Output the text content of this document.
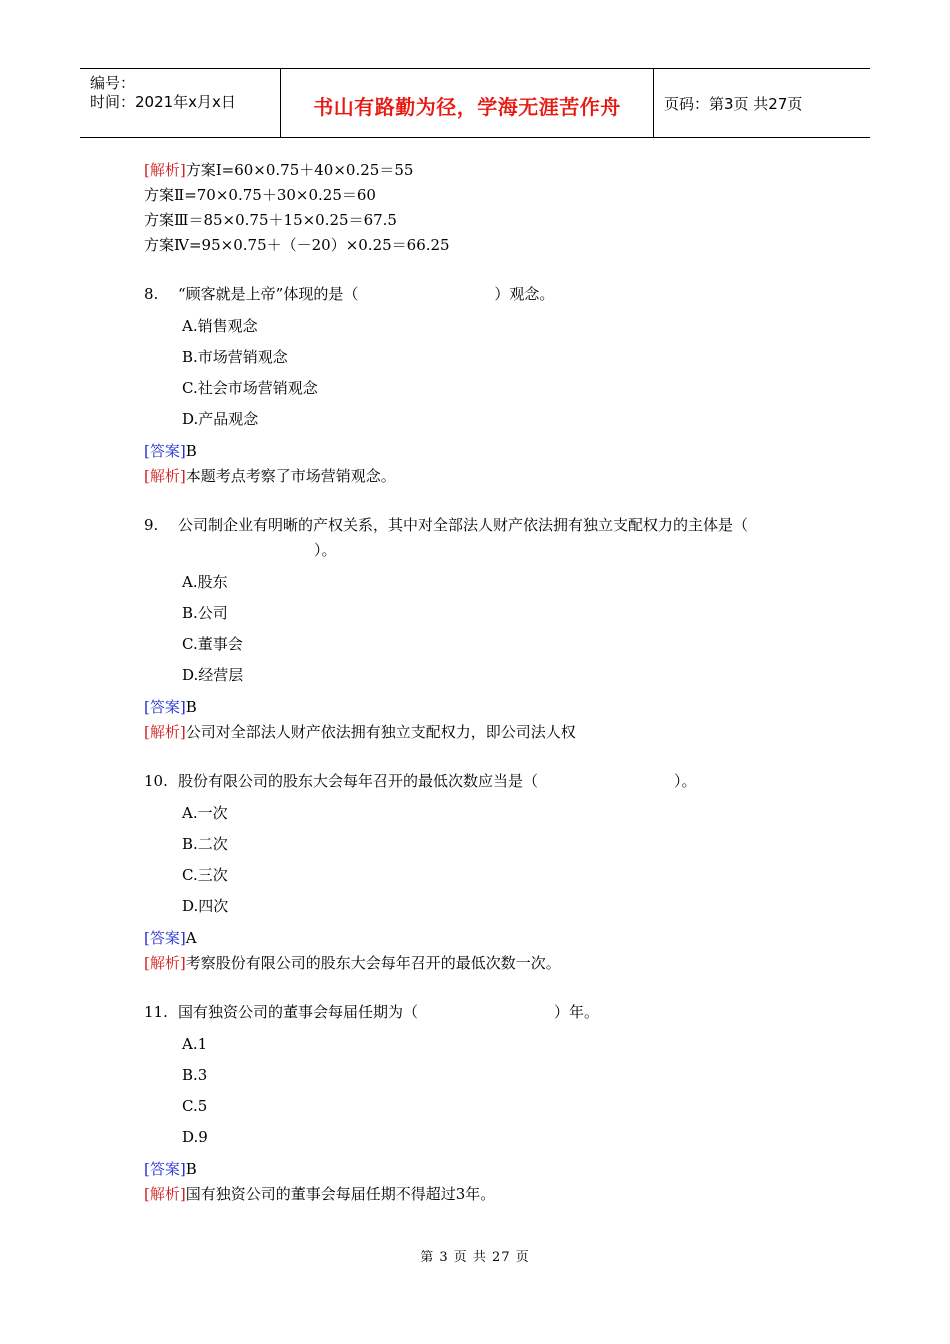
编号：
时间：2021年x月x日	书山有路勤为径，学海无涯苦作舟	页码：第3页 共27页
[解析]方案Ⅰ=60×0.75＋40×0.25＝55
方案Ⅱ=70×0.75＋30×0.25＝60
方案Ⅲ＝85×0.75＋15×0.25＝67.5
方案Ⅳ=95×0.75＋（－20）×0.25＝66.25
8.	“顾客就是上帝”体现的是（	）观念。
A.销售观念
B.市场营销观念
C.社会市场营销观念
D.产品观念
[答案]B
[解析]本题考点考察了市场营销观念。
9.	公司制企业有明晰的产权关系，其中对全部法人财产依法拥有独立支配权力的主体是（）。
A.股东
B.公司
C.董事会
D.经营层
[答案]B
[解析]公司对全部法人财产依法拥有独立支配权力，即公司法人权
10. 股份有限公司的股东大会每年召开的最低次数应当是（	）。
A.一次
B.二次
C.三次
D.四次
[答案]A
[解析]考察股份有限公司的股东大会每年召开的最低次数一次。
11. 国有独资公司的董事会每届任期为（	）年。
A.1
B.3
C.5
D.9
[答案]B
[解析]国有独资公司的董事会每届任期不得超过3年。
第 3 页 共 27 页
